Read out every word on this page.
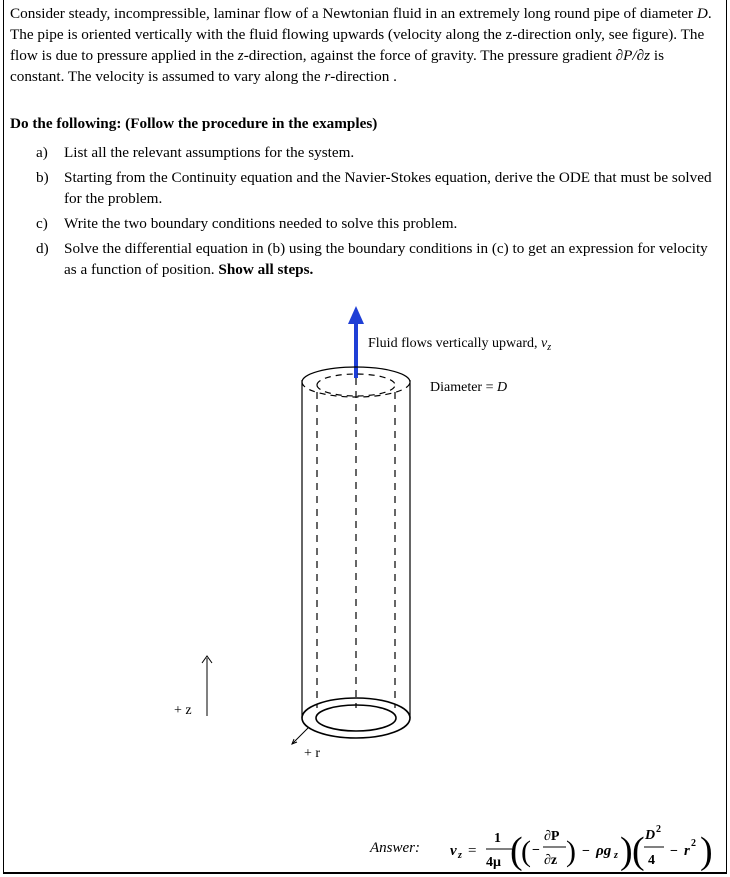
Consider steady, incompressible, laminar flow of a Newtonian fluid in an extremely long round pipe of diameter D. The pipe is oriented vertically with the fluid flowing upwards (velocity along the z-direction only, see figure). The flow is due to pressure applied in the z-direction, against the force of gravity. The pressure gradient ∂P/∂z is constant. The velocity is assumed to vary along the r-direction .

Do the following: (Follow the procedure in the examples)

a) List all the relevant assumptions for the system.
b) Starting from the Continuity equation and the Navier-Stokes equation, derive the ODE that must be solved for the problem.
c) Write the two boundary conditions needed to solve this problem.
d) Solve the differential equation in (b) using the boundary conditions in (c) to get an expression for velocity as a function of position. Show all steps.
+ r
+ z
Fluid flows vertically upward, $v_z$
Diameter = D
Answer: v z =
1
4μ (
( −
∂P
∂z ) − ρg z ) ( D 2
4
− r 2 )
